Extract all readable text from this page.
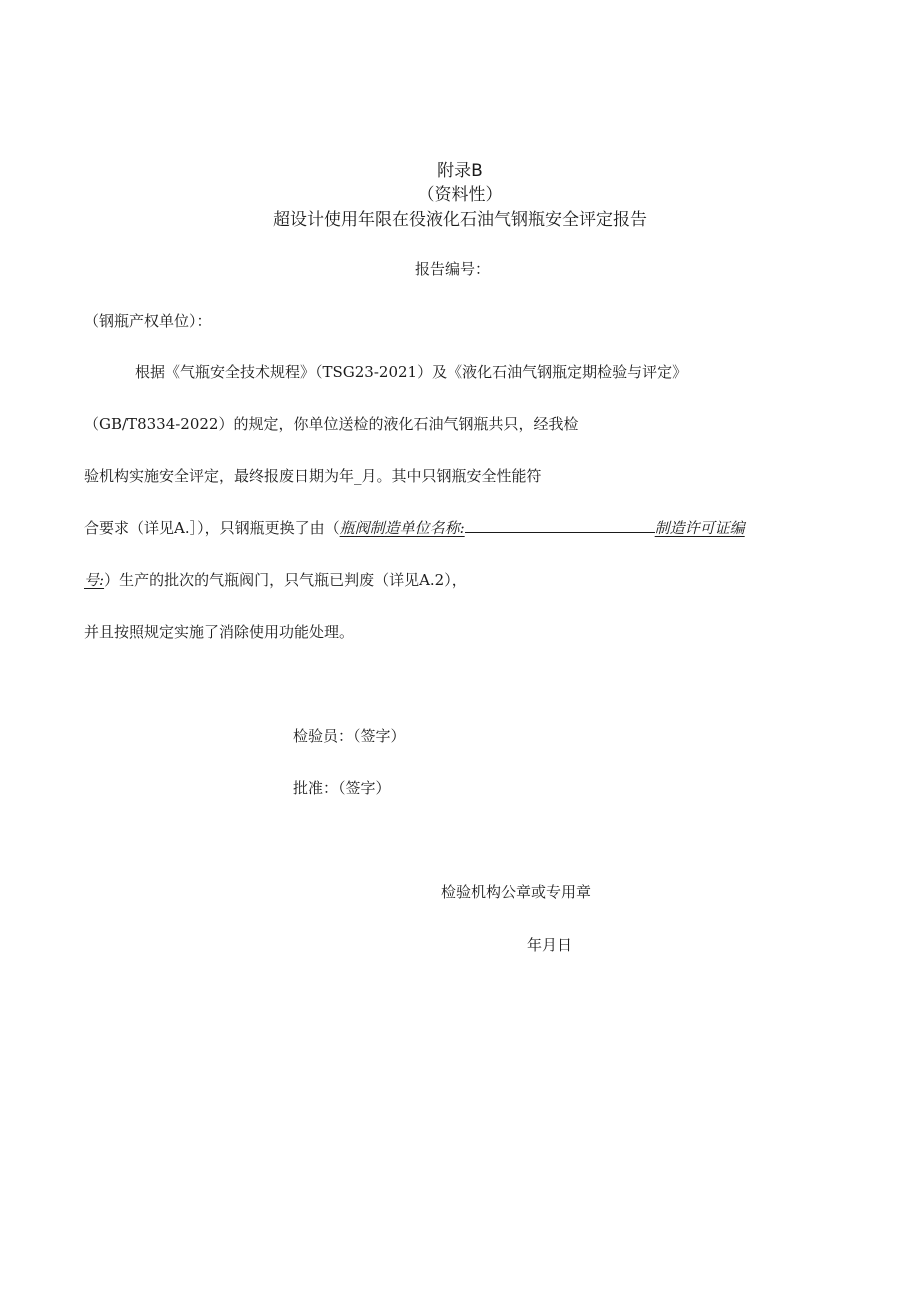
附录B
（资料性）
超设计使用年限在役液化石油气钢瓶安全评定报告
报告编号：
（钢瓶产权单位）：
根据《气瓶安全技术规程》（TSG23-2021）及《液化石油气钢瓶定期检验与评定》
（GB/T8334-2022）的规定，你单位送检的液化石油气钢瓶共只，经我检
验机构实施安全评定，最终报废日期为年_月。其中只钢瓶安全性能符
合要求（详见A.］），只钢瓶更换了由（瓶阀制造单位名称:	制造许可证编
号:）生产的批次的气瓶阀门，只气瓶已判废（详见A.2），
并且按照规定实施了消除使用功能处理。
检验员：（签字）
批准：（签字）
检验机构公章或专用章
年月日
